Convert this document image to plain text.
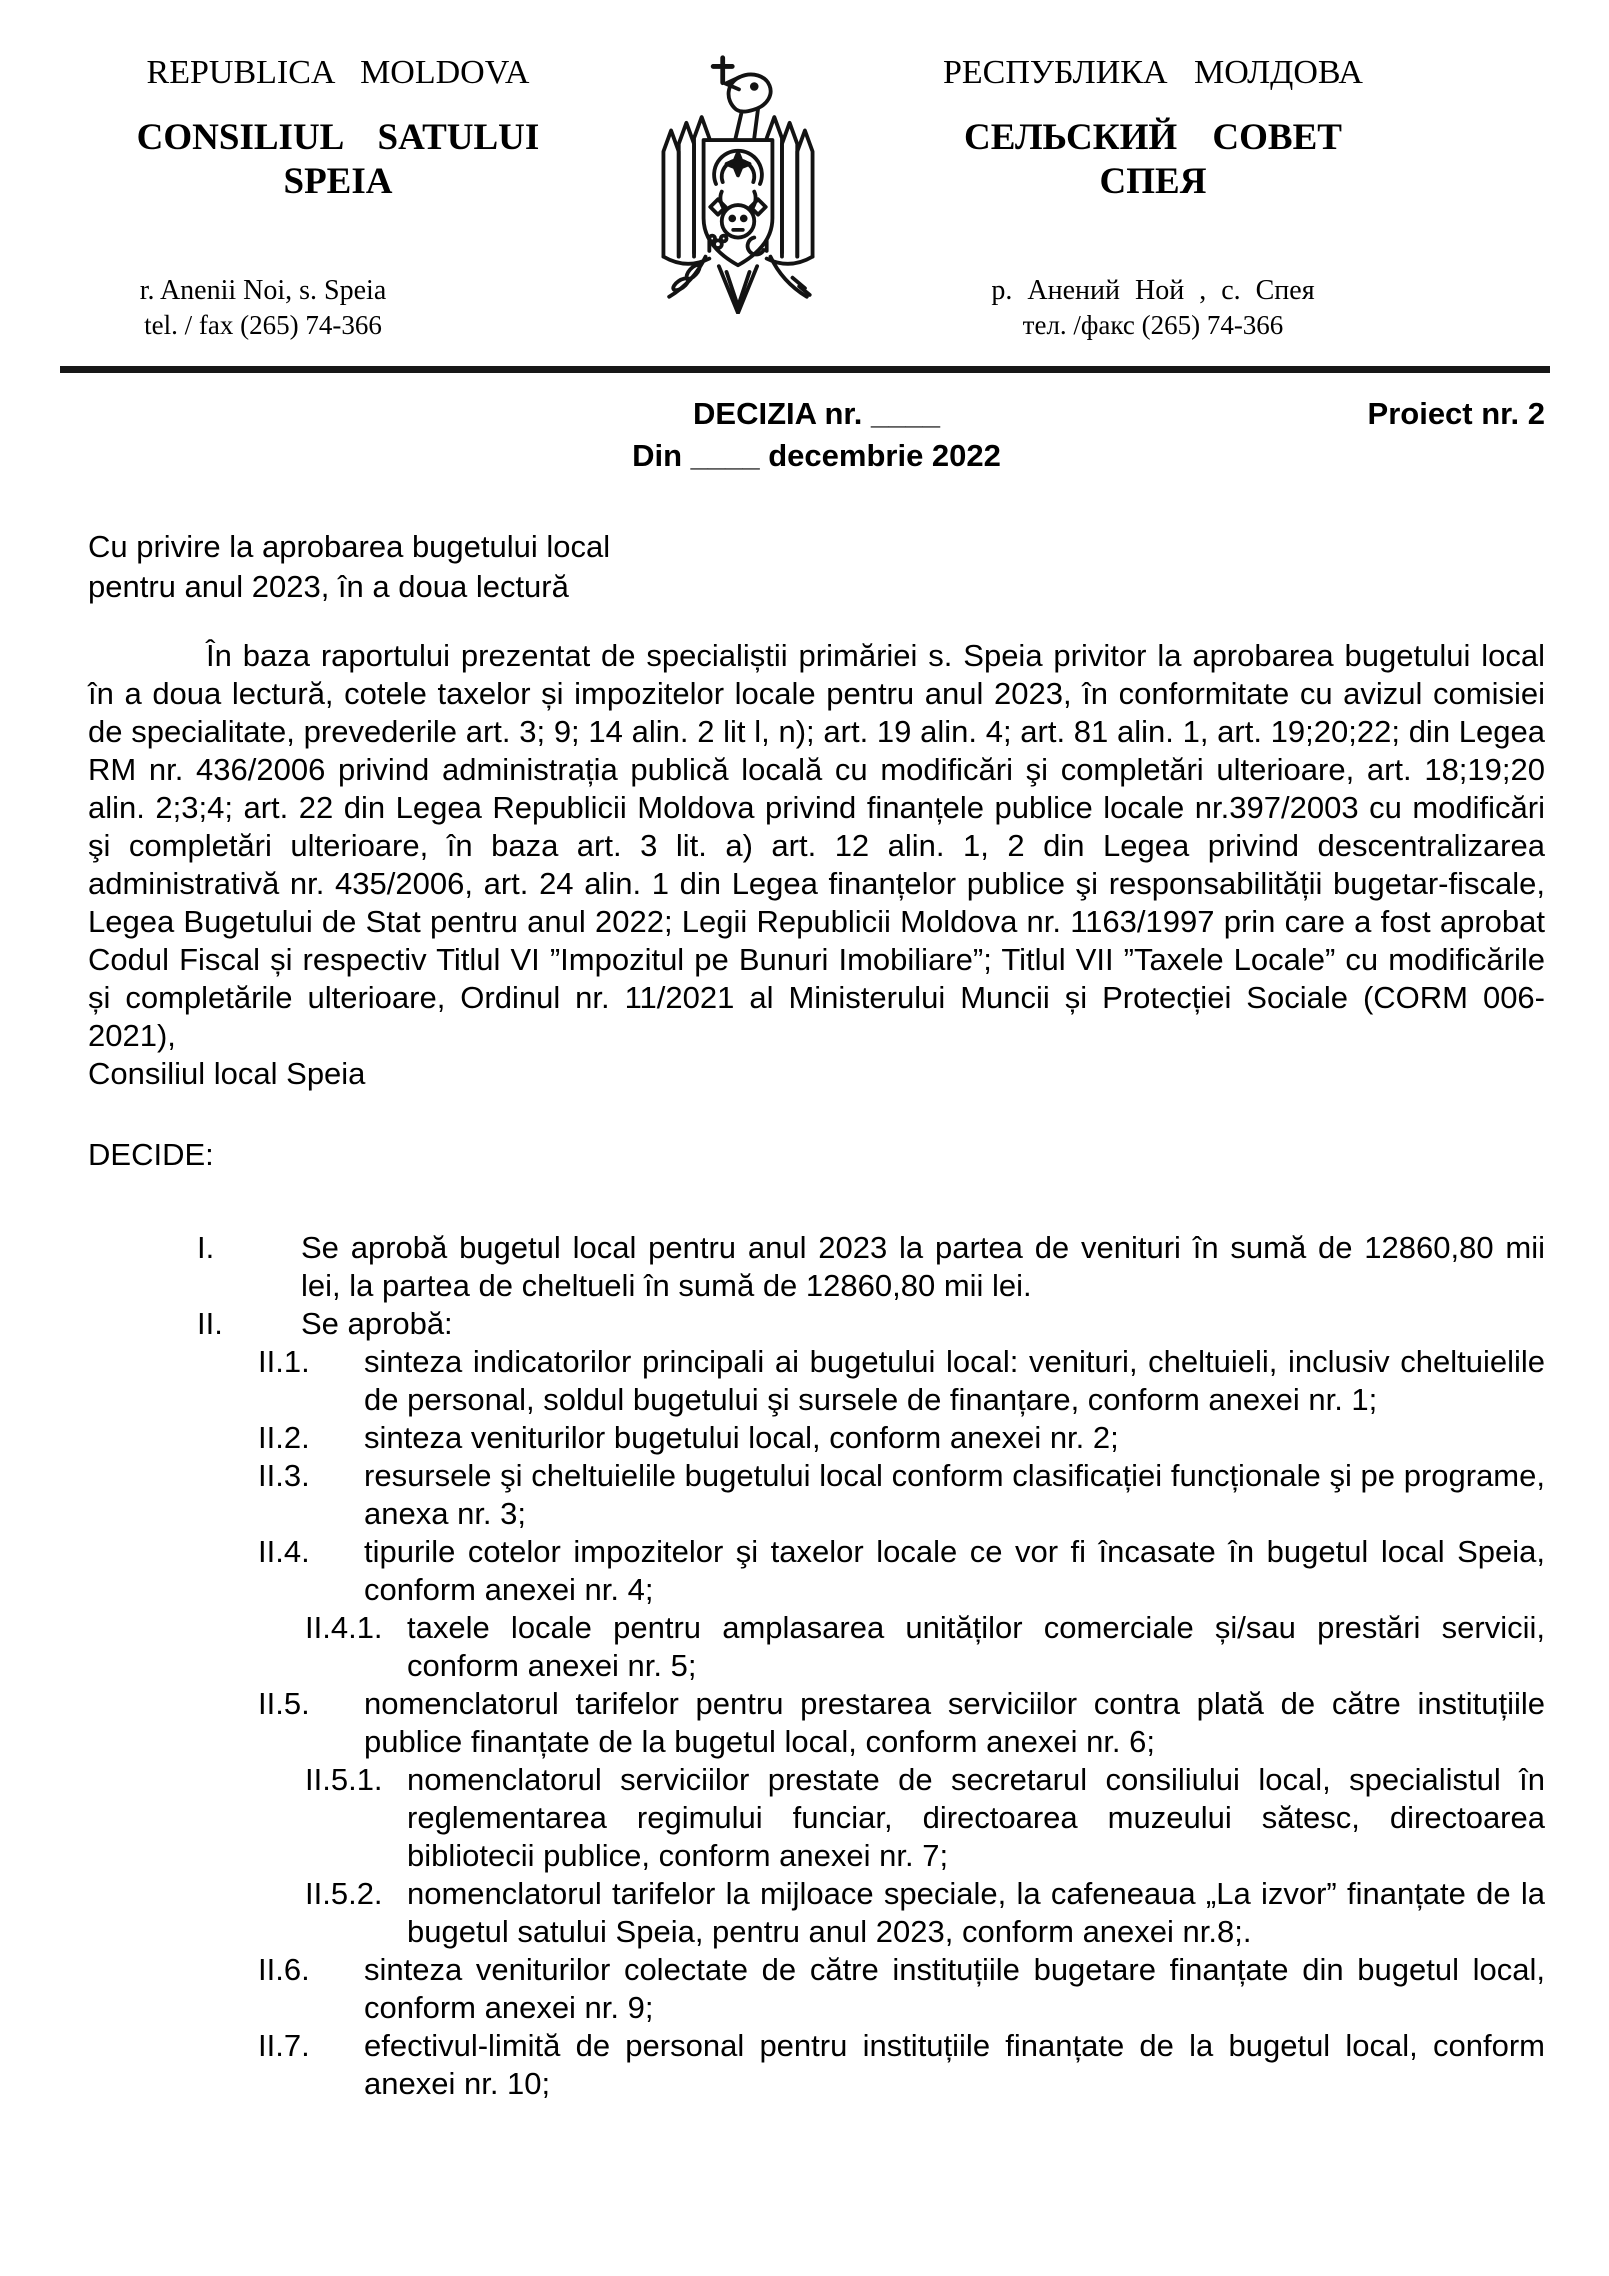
REPUBLICA MOLDOVA
CONSILIUL SATULUI
SPEIA
r. Anenii Noi, s. Speia
tel. / fax (265) 74-366
РЕСПУБЛИКА МОЛДОВА
СЕЛЬСКИЙ СОВЕТ
СПЕЯ
р. Анений Ной , с. Спея
тел. /факс (265) 74-366
DECIZIA nr. ____
Din ____ decembrie 2022
Proiect nr. 2
Cu privire la aprobarea bugetului local
pentru anul 2023, în a doua lectură
În baza raportului prezentat de specialiștii primăriei s. Speia privitor la aprobarea bugetului local în a doua lectură, cotele taxelor și impozitelor locale pentru anul 2023, în conformitate cu avizul comisiei de specialitate, prevederile art. 3; 9; 14 alin. 2 lit l, n); art. 19 alin. 4; art. 81 alin. 1, art. 19;20;22; din Legea RM nr. 436/2006 privind administrația publică locală cu modificări şi completări ulterioare, art. 18;19;20 alin. 2;3;4; art. 22 din Legea Republicii Moldova privind finanțele publice locale nr.397/2003 cu modificări şi completări ulterioare, în baza art. 3 lit. a) art. 12 alin. 1, 2 din Legea privind descentralizarea administrativă nr. 435/2006, art. 24 alin. 1 din Legea finanțelor publice şi responsabilității bugetar-fiscale, Legea Bugetului de Stat pentru anul 2022; Legii Republicii Moldova nr. 1163/1997 prin care a fost aprobat Codul Fiscal și respectiv Titlul VI ”Impozitul pe Bunuri Imobiliare”; Titlul VII ”Taxele Locale” cu modificările și completările ulterioare, Ordinul nr. 11/2021 al Ministerului Muncii și Protecției Sociale (CORM 006-2021),
Consiliul local Speia
DECIDE:
I.	Se aprobă bugetul local pentru anul 2023 la partea de venituri în sumă de 12860,80 mii lei, la partea de cheltueli în sumă de 12860,80 mii lei.
II.	Se aprobă:
II.1.	sinteza indicatorilor principali ai bugetului local: venituri, cheltuieli, inclusiv cheltuielile de personal, soldul bugetului şi sursele de finanțare, conform anexei nr. 1;
II.2.	sinteza veniturilor bugetului local, conform anexei nr. 2;
II.3.	resursele şi cheltuielile bugetului local conform clasificației funcționale şi pe programe, anexa nr. 3;
II.4.	tipurile cotelor impozitelor şi taxelor locale ce vor fi încasate în bugetul local Speia, conform anexei nr. 4;
II.4.1. taxele locale pentru amplasarea unităților comerciale și/sau prestări servicii, conform anexei nr. 5;
II.5.	nomenclatorul tarifelor pentru prestarea serviciilor contra plată de către instituțiile publice finanțate de la bugetul local, conform anexei nr. 6;
II.5.1. nomenclatorul serviciilor prestate de secretarul consiliului local, specialistul în reglementarea regimului funciar, directoarea muzeului sătesc, directoarea bibliotecii publice, conform anexei nr. 7;
II.5.2. nomenclatorul tarifelor la mijloace speciale, la cafeneaua „La izvor” finanțate de la bugetul satului Speia, pentru anul 2023, conform anexei nr.8;.
II.6.	sinteza veniturilor colectate de către instituțiile bugetare finanțate din bugetul local, conform anexei nr. 9;
II.7.	efectivul-limită de personal pentru instituțiile finanțate de la bugetul local, conform anexei nr. 10;
